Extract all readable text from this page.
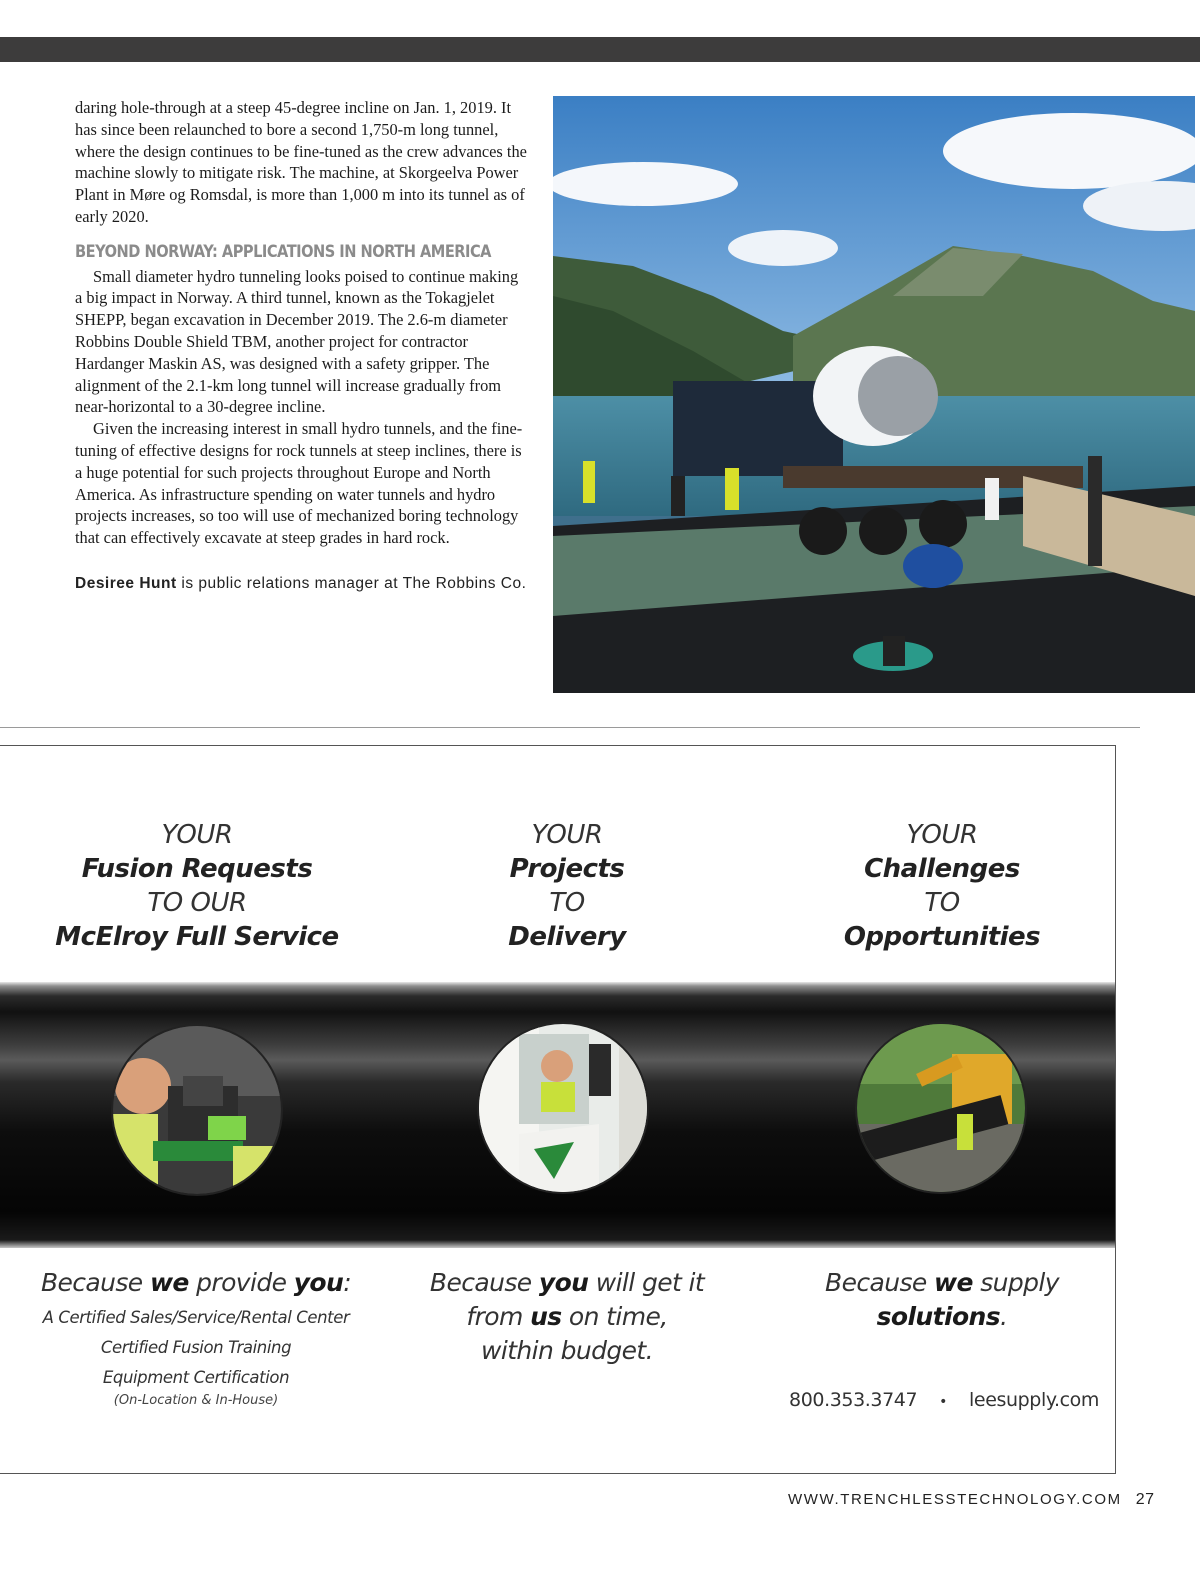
daring hole-through at a steep 45-degree incline on Jan. 1, 2019. It has since been relaunched to bore a second 1,750-m long tunnel, where the design continues to be fine-tuned as the crew advances the machine slowly to mitigate risk. The machine, at Skorgeelva Power Plant in Møre og Romsdal, is more than 1,000 m into its tunnel as of early 2020.

BEYOND NORWAY: APPLICATIONS IN NORTH AMERICA

Small diameter hydro tunneling looks poised to continue making a big impact in Norway. A third tunnel, known as the Tokagjelet SHEPP, began excavation in December 2019. The 2.6-m diameter Robbins Double Shield TBM, another project for contractor Hardanger Maskin AS, was designed with a safety gripper. The alignment of the 2.1-km long tunnel will increase gradually from near-horizontal to a 30-degree incline.

Given the increasing interest in small hydro tunnels, and the fine-tuning of effective designs for rock tunnels at steep inclines, there is a huge potential for such projects throughout Europe and North America. As infrastructure spending on water tunnels and hydro projects increases, so too will use of mechanized boring technology that can effectively excavate at steep grades in hard rock.

Desiree Hunt is public relations manager at The Robbins Co.
YOUR
Fusion Requests
TO OUR
McElroy Full Service
YOUR
Projects
TO
Delivery
YOUR
Challenges
TO
Opportunities
Because we provide you:
A Certified Sales/Service/Rental Center
Certified Fusion Training
Equipment Certification
(On-Location & In-House)
Because you will get it
from us on time,
within budget.
Because we supply
solutions.
800.353.3747 • leesupply.com
WWW.TRENCHLESSTECHNOLOGY.COM 27
